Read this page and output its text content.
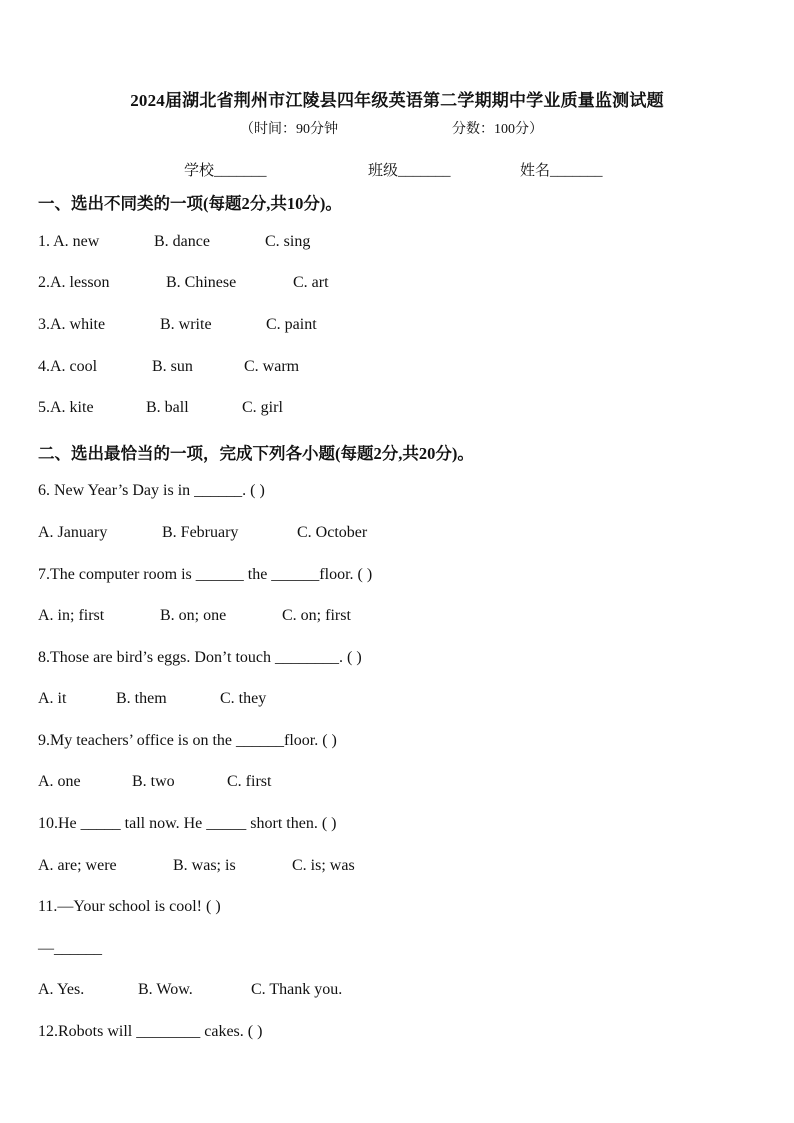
2024届湖北省荆州市江陵县四年级英语第二学期期中学业质量监测试题
（时间：90分钟	分数：100分）
学校_______	班级_______	姓名_______
一、选出不同类的一项(每题2分,共10分)。
1. A. new	B. dance	C. sing
2.A. lesson	B. Chinese	C. art
3.A. white	B. write	C. paint
4.A. cool	B. sun	C. warm
5.A. kite	B. ball	C. girl
二、选出最恰当的一项，完成下列各小题(每题2分,共20分)。
6. New Year’s Day is in ______. ( )
A. January	B. February	C. October
7.The computer room is ______ the ______floor. ( )
A. in; first	B. on; one	C. on; first
8.Those are bird’s eggs. Don’t touch ________. ( )
A. it	B. them	C. they
9.My teachers’ office is on the ______floor. ( )
A. one	B. two	C. first
10.He _____ tall now. He _____ short then. ( )
A. are; were	B. was; is	C. is; was
11.—Your school is cool! ( )
—______
A. Yes.	B. Wow.	C. Thank you.
12.Robots will ________ cakes. ( )
